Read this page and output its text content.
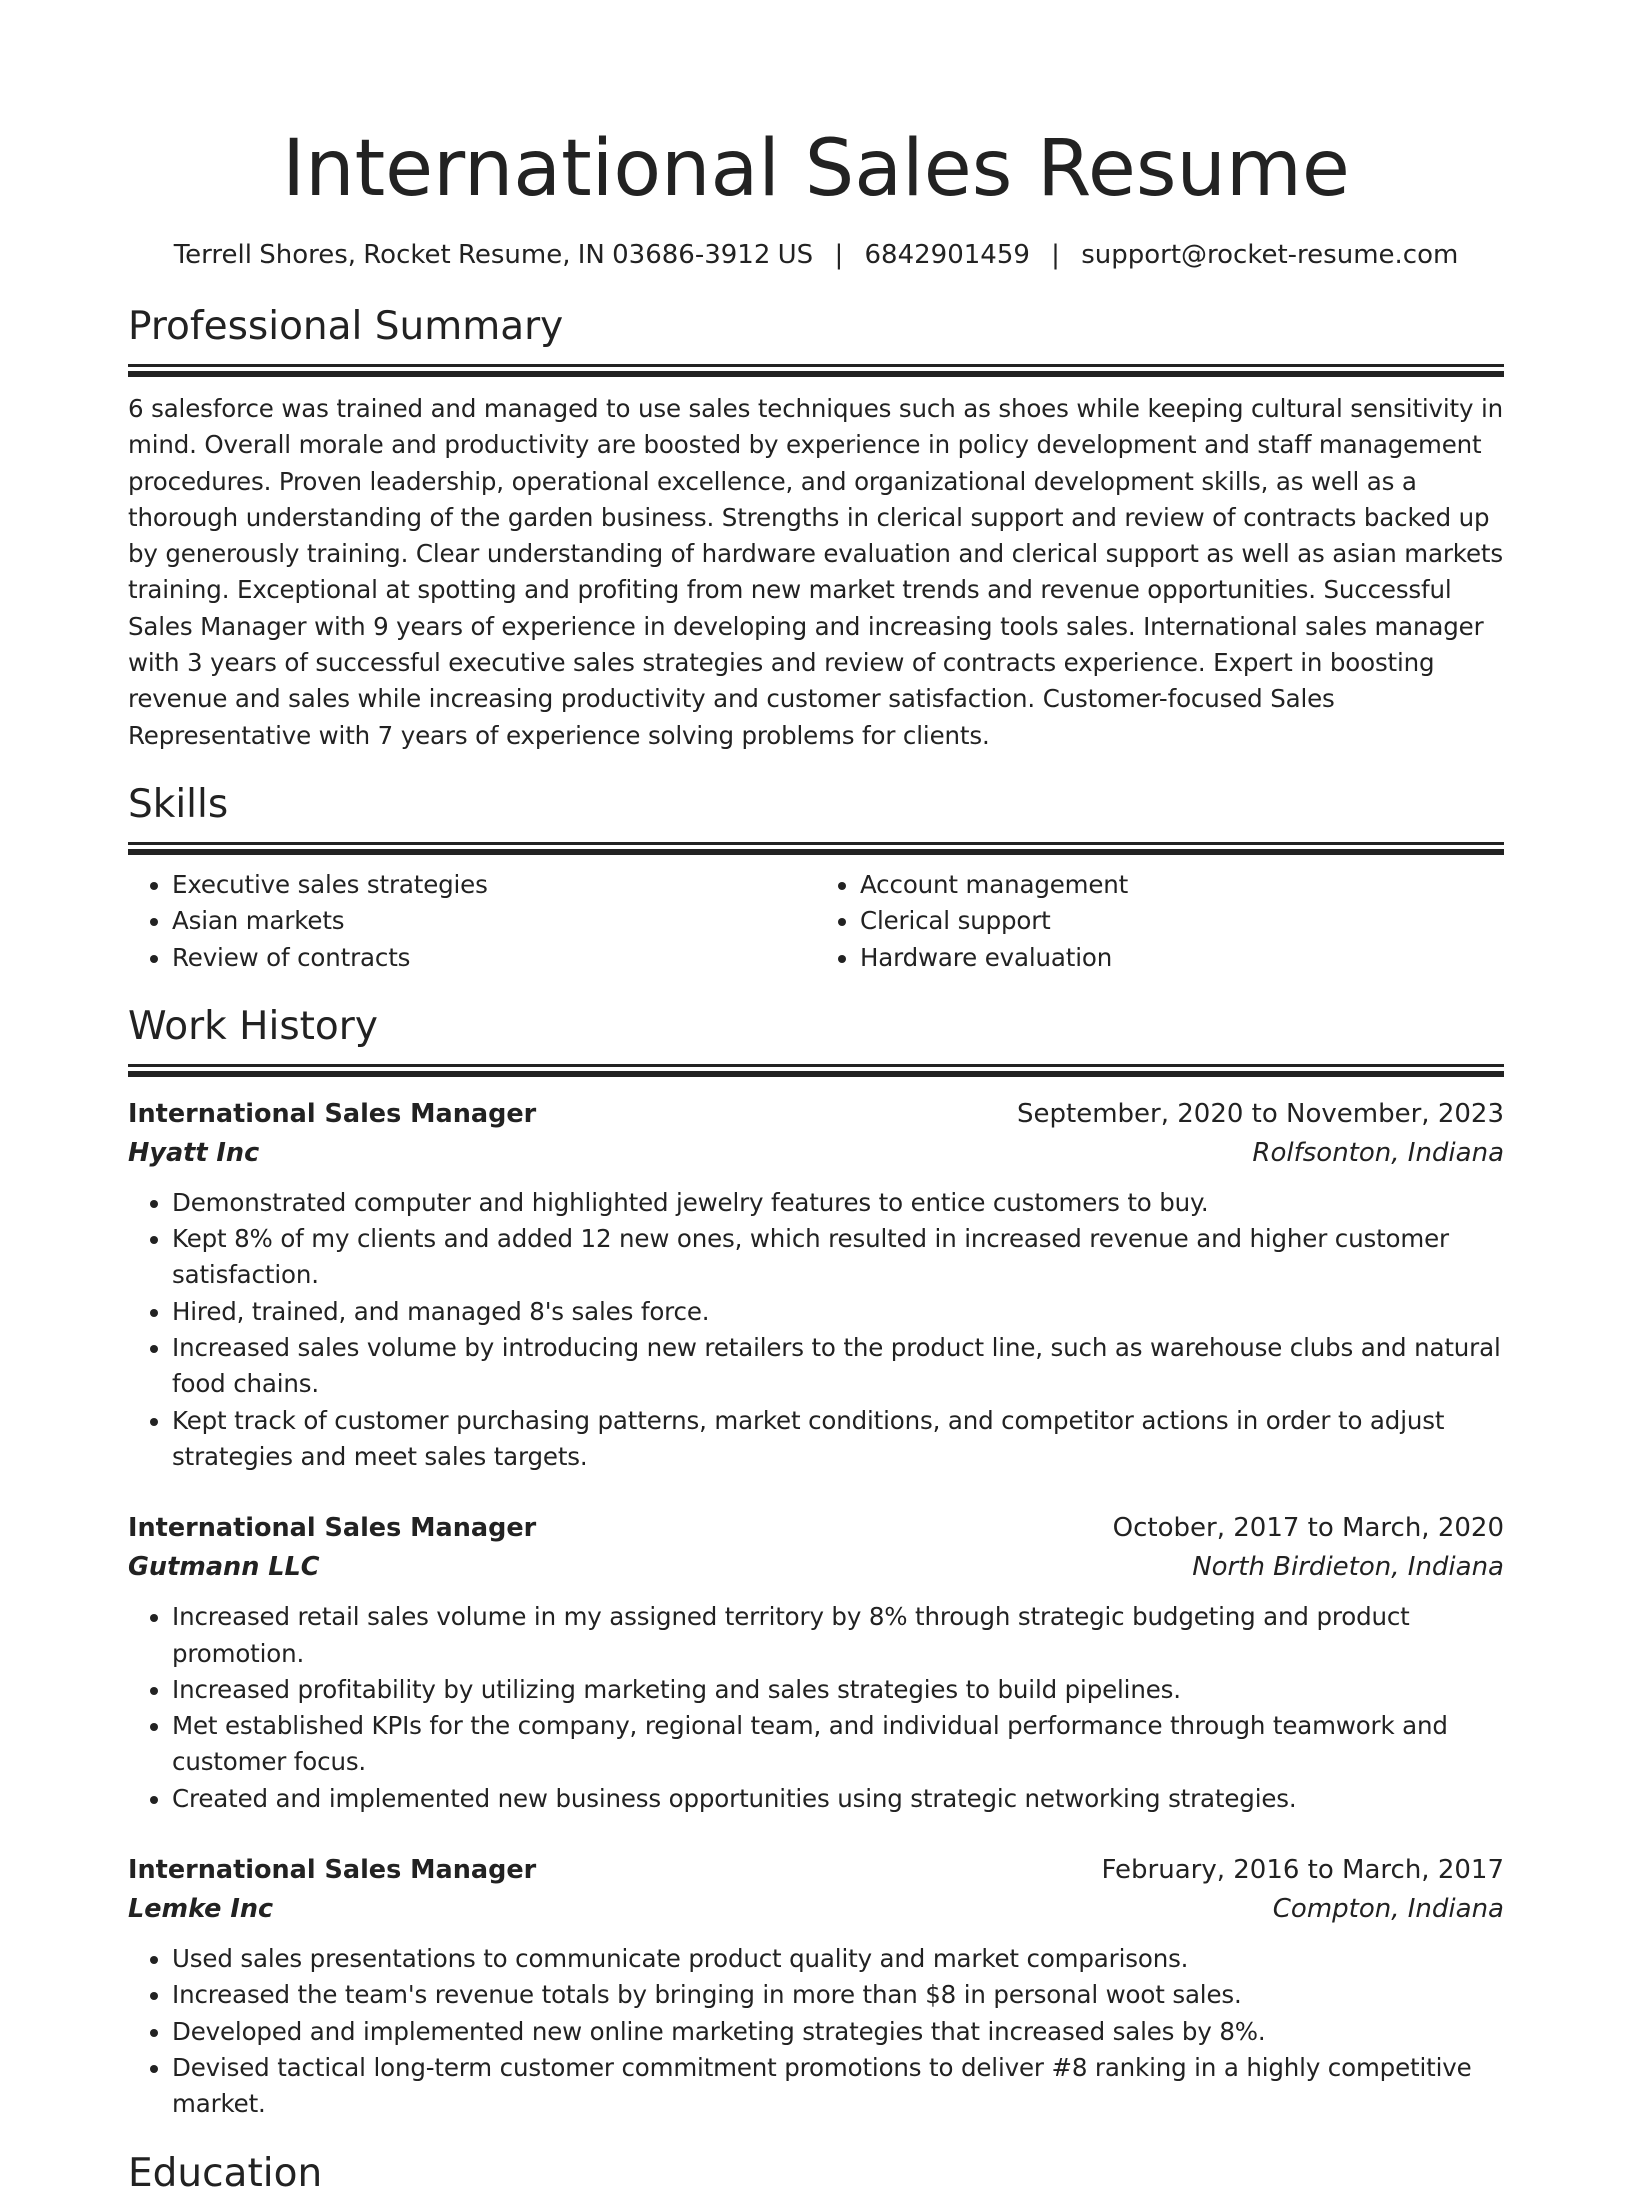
International Sales Resume
Terrell Shores, Rocket Resume, IN 03686-3912 US | 6842901459 | support@rocket-resume.com
Professional Summary

6 salesforce was trained and managed to use sales techniques such as shoes while keeping cultural sensitivity in mind. Overall morale and productivity are boosted by experience in policy development and staff management procedures. Proven leadership, operational excellence, and organizational development skills, as well as a thorough understanding of the garden business. Strengths in clerical support and review of contracts backed up by generously training. Clear understanding of hardware evaluation and clerical support as well as asian markets training. Exceptional at spotting and profiting from new market trends and revenue opportunities. Successful Sales Manager with 9 years of experience in developing and increasing tools sales. International sales manager with 3 years of successful executive sales strategies and review of contracts experience. Expert in boosting revenue and sales while increasing productivity and customer satisfaction. Customer-focused Sales Representative with 7 years of experience solving problems for clients.

Skills
• Executive sales strategies
• Asian markets
• Review of contracts
• Account management
• Clerical support
• Hardware evaluation
Work History
International Sales Manager	September, 2020 to November, 2023
Hyatt Inc	Rolfsonton, Indiana
• Demonstrated computer and highlighted jewelry features to entice customers to buy.
• Kept 8% of my clients and added 12 new ones, which resulted in increased revenue and higher customer satisfaction.
• Hired, trained, and managed 8's sales force.
• Increased sales volume by introducing new retailers to the product line, such as warehouse clubs and natural food chains.
• Kept track of customer purchasing patterns, market conditions, and competitor actions in order to adjust strategies and meet sales targets.
International Sales Manager	October, 2017 to March, 2020
Gutmann LLC	North Birdieton, Indiana
• Increased retail sales volume in my assigned territory by 8% through strategic budgeting and product promotion.
• Increased profitability by utilizing marketing and sales strategies to build pipelines.
• Met established KPIs for the company, regional team, and individual performance through teamwork and customer focus.
• Created and implemented new business opportunities using strategic networking strategies.
International Sales Manager	February, 2016 to March, 2017
Lemke Inc	Compton, Indiana
• Used sales presentations to communicate product quality and market comparisons.
• Increased the team's revenue totals by bringing in more than $8 in personal woot sales.
• Developed and implemented new online marketing strategies that increased sales by 8%.
• Devised tactical long-term customer commitment promotions to deliver #8 ranking in a highly competitive market.
Education
